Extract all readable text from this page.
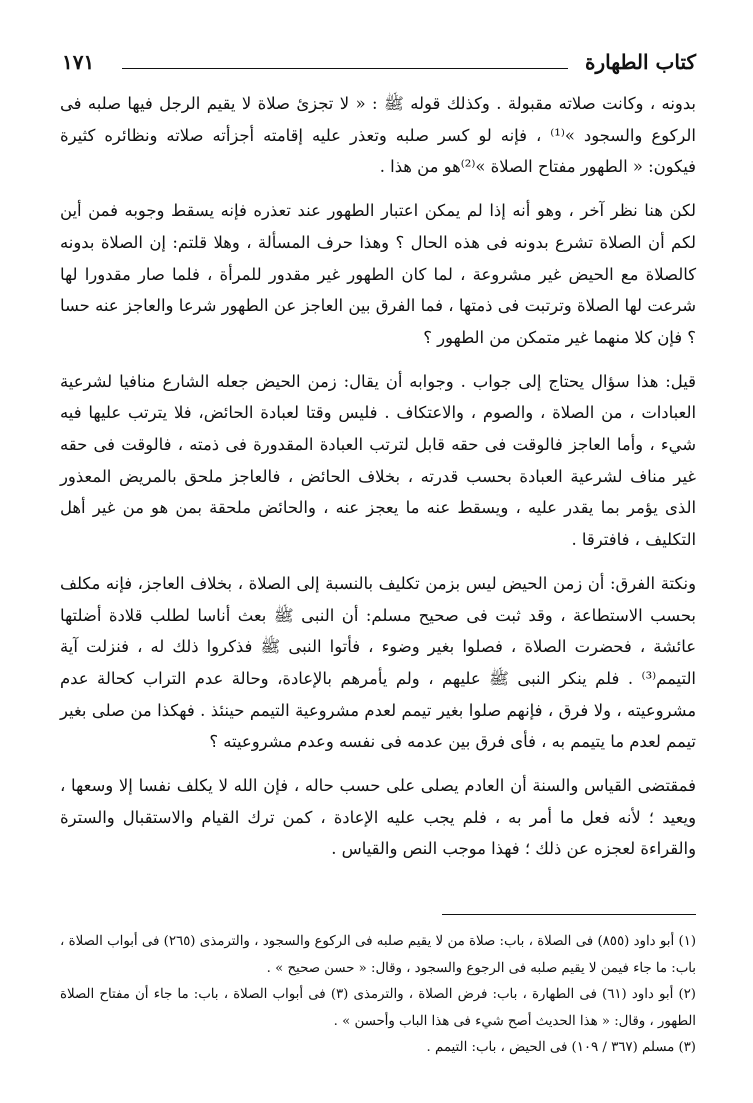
كتاب الطهارة
١٧١

بدونه ، وكانت صلاته مقبولة . وكذلك قوله ﷺ : « لا تجزئ صلاة لا يقيم الرجل فيها صلبه فى الركوع والسجود »⁽¹⁾ ، فإنه لو كسر صلبه وتعذر عليه إقامته أجزأته صلاته ونظائره كثيرة فيكون: « الطهور مفتاح الصلاة »⁽²⁾هو من هذا .

لكن هنا نظر آخر ، وهو أنه إذا لم يمكن اعتبار الطهور عند تعذره فإنه يسقط وجوبه فمن أين لكم أن الصلاة تشرع بدونه فى هذه الحال ؟ وهذا حرف المسألة ، وهلا قلتم: إن الصلاة بدونه كالصلاة مع الحيض غير مشروعة ، لما كان الطهور غير مقدور للمرأة ، فلما صار مقدورا لها شرعت لها الصلاة وترتبت فى ذمتها ، فما الفرق بين العاجز عن الطهور شرعا والعاجز عنه حسا ؟ فإن كلا منهما غير متمكن من الطهور ؟

قيل: هذا سؤال يحتاج إلى جواب . وجوابه أن يقال: زمن الحيض جعله الشارع منافيا لشرعية العبادات ، من الصلاة ، والصوم ، والاعتكاف . فليس وقتا لعبادة الحائض، فلا يترتب عليها فيه شيء ، وأما العاجز فالوقت فى حقه قابل لترتب العبادة المقدورة فى ذمته ، فالوقت فى حقه غير مناف لشرعية العبادة بحسب قدرته ، بخلاف الحائض ، فالعاجز ملحق بالمريض المعذور الذى يؤمر بما يقدر عليه ، ويسقط عنه ما يعجز عنه ، والحائض ملحقة بمن هو من غير أهل التكليف ، فافترقا .

ونكتة الفرق: أن زمن الحيض ليس بزمن تكليف بالنسبة إلى الصلاة ، بخلاف العاجز، فإنه مكلف بحسب الاستطاعة ، وقد ثبت فى صحيح مسلم: أن النبى ﷺ بعث أناسا لطلب قلادة أضلتها عائشة ، فحضرت الصلاة ، فصلوا بغير وضوء ، فأتوا النبى ﷺ فذكروا ذلك له ، فنزلت آية التيمم⁽³⁾ . فلم ينكر النبى ﷺ عليهم ، ولم يأمرهم بالإعادة، وحالة عدم التراب كحالة عدم مشروعيته ، ولا فرق ، فإنهم صلوا بغير تيمم لعدم مشروعية التيمم حينئذ . فهكذا من صلى بغير تيمم لعدم ما يتيمم به ، فأى فرق بين عدمه فى نفسه وعدم مشروعيته ؟

فمقتضى القياس والسنة أن العادم يصلى على حسب حاله ، فإن الله لا يكلف نفسا إلا وسعها ، ويعيد ؛ لأنه فعل ما أمر به ، فلم يجب عليه الإعادة ، كمن ترك القيام والاستقبال والسترة والقراءة لعجزه عن ذلك ؛ فهذا موجب النص والقياس .

(١) أبو داود (٨٥٥) فى الصلاة ، باب: صلاة من لا يقيم صلبه فى الركوع والسجود ، والترمذى (٢٦٥) فى أبواب الصلاة ، باب: ما جاء فيمن لا يقيم صلبه فى الرجوع والسجود ، وقال: « حسن صحيح » .

(٢) أبو داود (٦١) فى الطهارة ، باب: فرض الصلاة ، والترمذى (٣) فى أبواب الصلاة ، باب: ما جاء أن مفتاح الصلاة الطهور ، وقال: « هذا الحديث أصح شيء فى هذا الباب وأحسن » .

(٣) مسلم (٣٦٧ / ١٠٩) فى الحيض ، باب: التيمم .
